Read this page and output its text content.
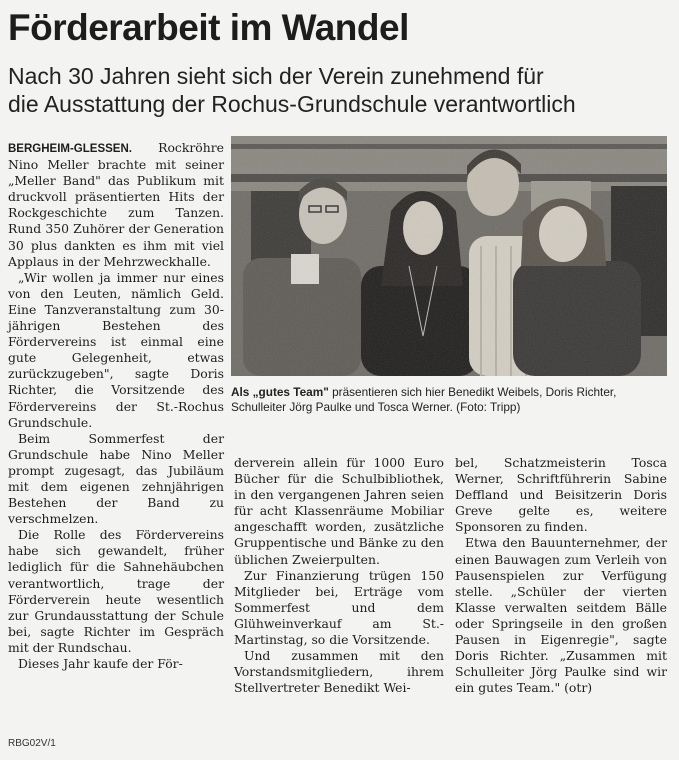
Förderarbeit im Wandel
Nach 30 Jahren sieht sich der Verein zunehmend für
die Ausstattung der Rochus-Grundschule verantwortlich

BERGHEIM-GLESSEN. Rockröhre Nino Meller brachte mit seiner „Meller Band" das Publikum mit druckvoll präsentierten Hits der Rockgeschichte zum Tanzen. Rund 350 Zuhörer der Generation 30 plus dankten es ihm mit viel Applaus in der Mehrzweckhalle.

„Wir wollen ja immer nur eines von den Leuten, nämlich Geld. Eine Tanzveranstaltung zum 30-jährigen Bestehen des Fördervereins ist einmal eine gute Gelegenheit, etwas zurückzugeben", sagte Doris Richter, die Vorsitzende des Fördervereins der St.-Rochus Grundschule.

Beim Sommerfest der Grundschule habe Nino Meller prompt zugesagt, das Jubiläum mit dem eigenen zehnjährigen Bestehen der Band zu verschmelzen.

Die Rolle des Fördervereins habe sich gewandelt, früher lediglich für die Sahnehäubchen verantwortlich, trage der Förderverein heute wesentlich zur Grundausstattung der Schule bei, sagte Richter im Gespräch mit der Rundschau.

Dieses Jahr kaufe der För-

Als „gutes Team" präsentieren sich hier Benedikt Weibels, Doris Richter, Schulleiter Jörg Paulke und Tosca Werner. (Foto: Tripp)

derverein allein für 1000 Euro Bücher für die Schulbibliothek, in den vergangenen Jahren seien für acht Klassenräume Mobiliar angeschafft worden, zusätzliche Gruppentische und Bänke zu den üblichen Zweierpulten.

Zur Finanzierung trügen 150 Mitglieder bei, Erträge vom Sommerfest und dem Glühweinverkauf am St.-Martinstag, so die Vorsitzende.

Und zusammen mit den Vorstandsmitgliedern, ihrem Stellvertreter Benedikt Wei-

bel, Schatzmeisterin Tosca Werner, Schriftführerin Sabine Deffland und Beisitzerin Doris Greve gelte es, weitere Sponsoren zu finden.

Etwa den Bauunternehmer, der einen Bauwagen zum Verleih von Pausenspielen zur Verfügung stelle. „Schüler der vierten Klasse verwalten seitdem Bälle oder Springseile in den großen Pausen in Eigenregie", sagte Doris Richter. „Zusammen mit Schulleiter Jörg Paulke sind wir ein gutes Team." (otr)

RBG02V/1
